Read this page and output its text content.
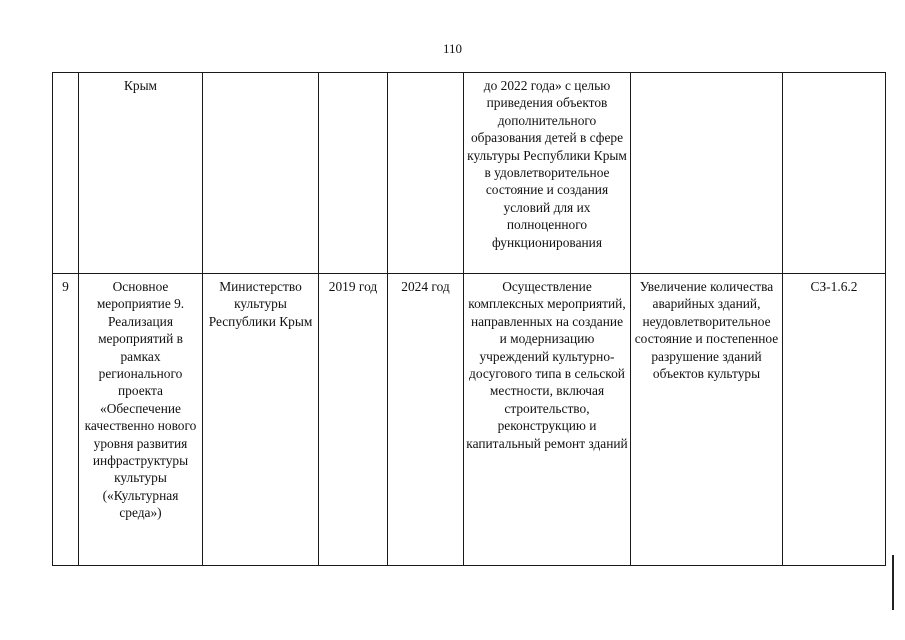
110
	Крым				до 2022 года» с целью приведения объектов дополнительного образования детей в сфере культуры Республики Крым в удовлетворительное состояние и создания условий для их полноценного функционирования		
9	Основное мероприятие 9. Реализация мероприятий в рамках регионального проекта «Обеспечение качественно нового уровня развития инфраструктуры культуры («Культурная среда»)	Министерство культуры Республики Крым	2019 год	2024 год	Осуществление комплексных мероприятий, направленных на создание и модернизацию учреждений культурно-досугового типа в сельской местности, включая строительство, реконструкцию и капитальный ремонт зданий	Увеличение количества аварийных зданий, неудовлетворительное состояние и постепенное разрушение зданий объектов культуры	СЗ-1.6.2
